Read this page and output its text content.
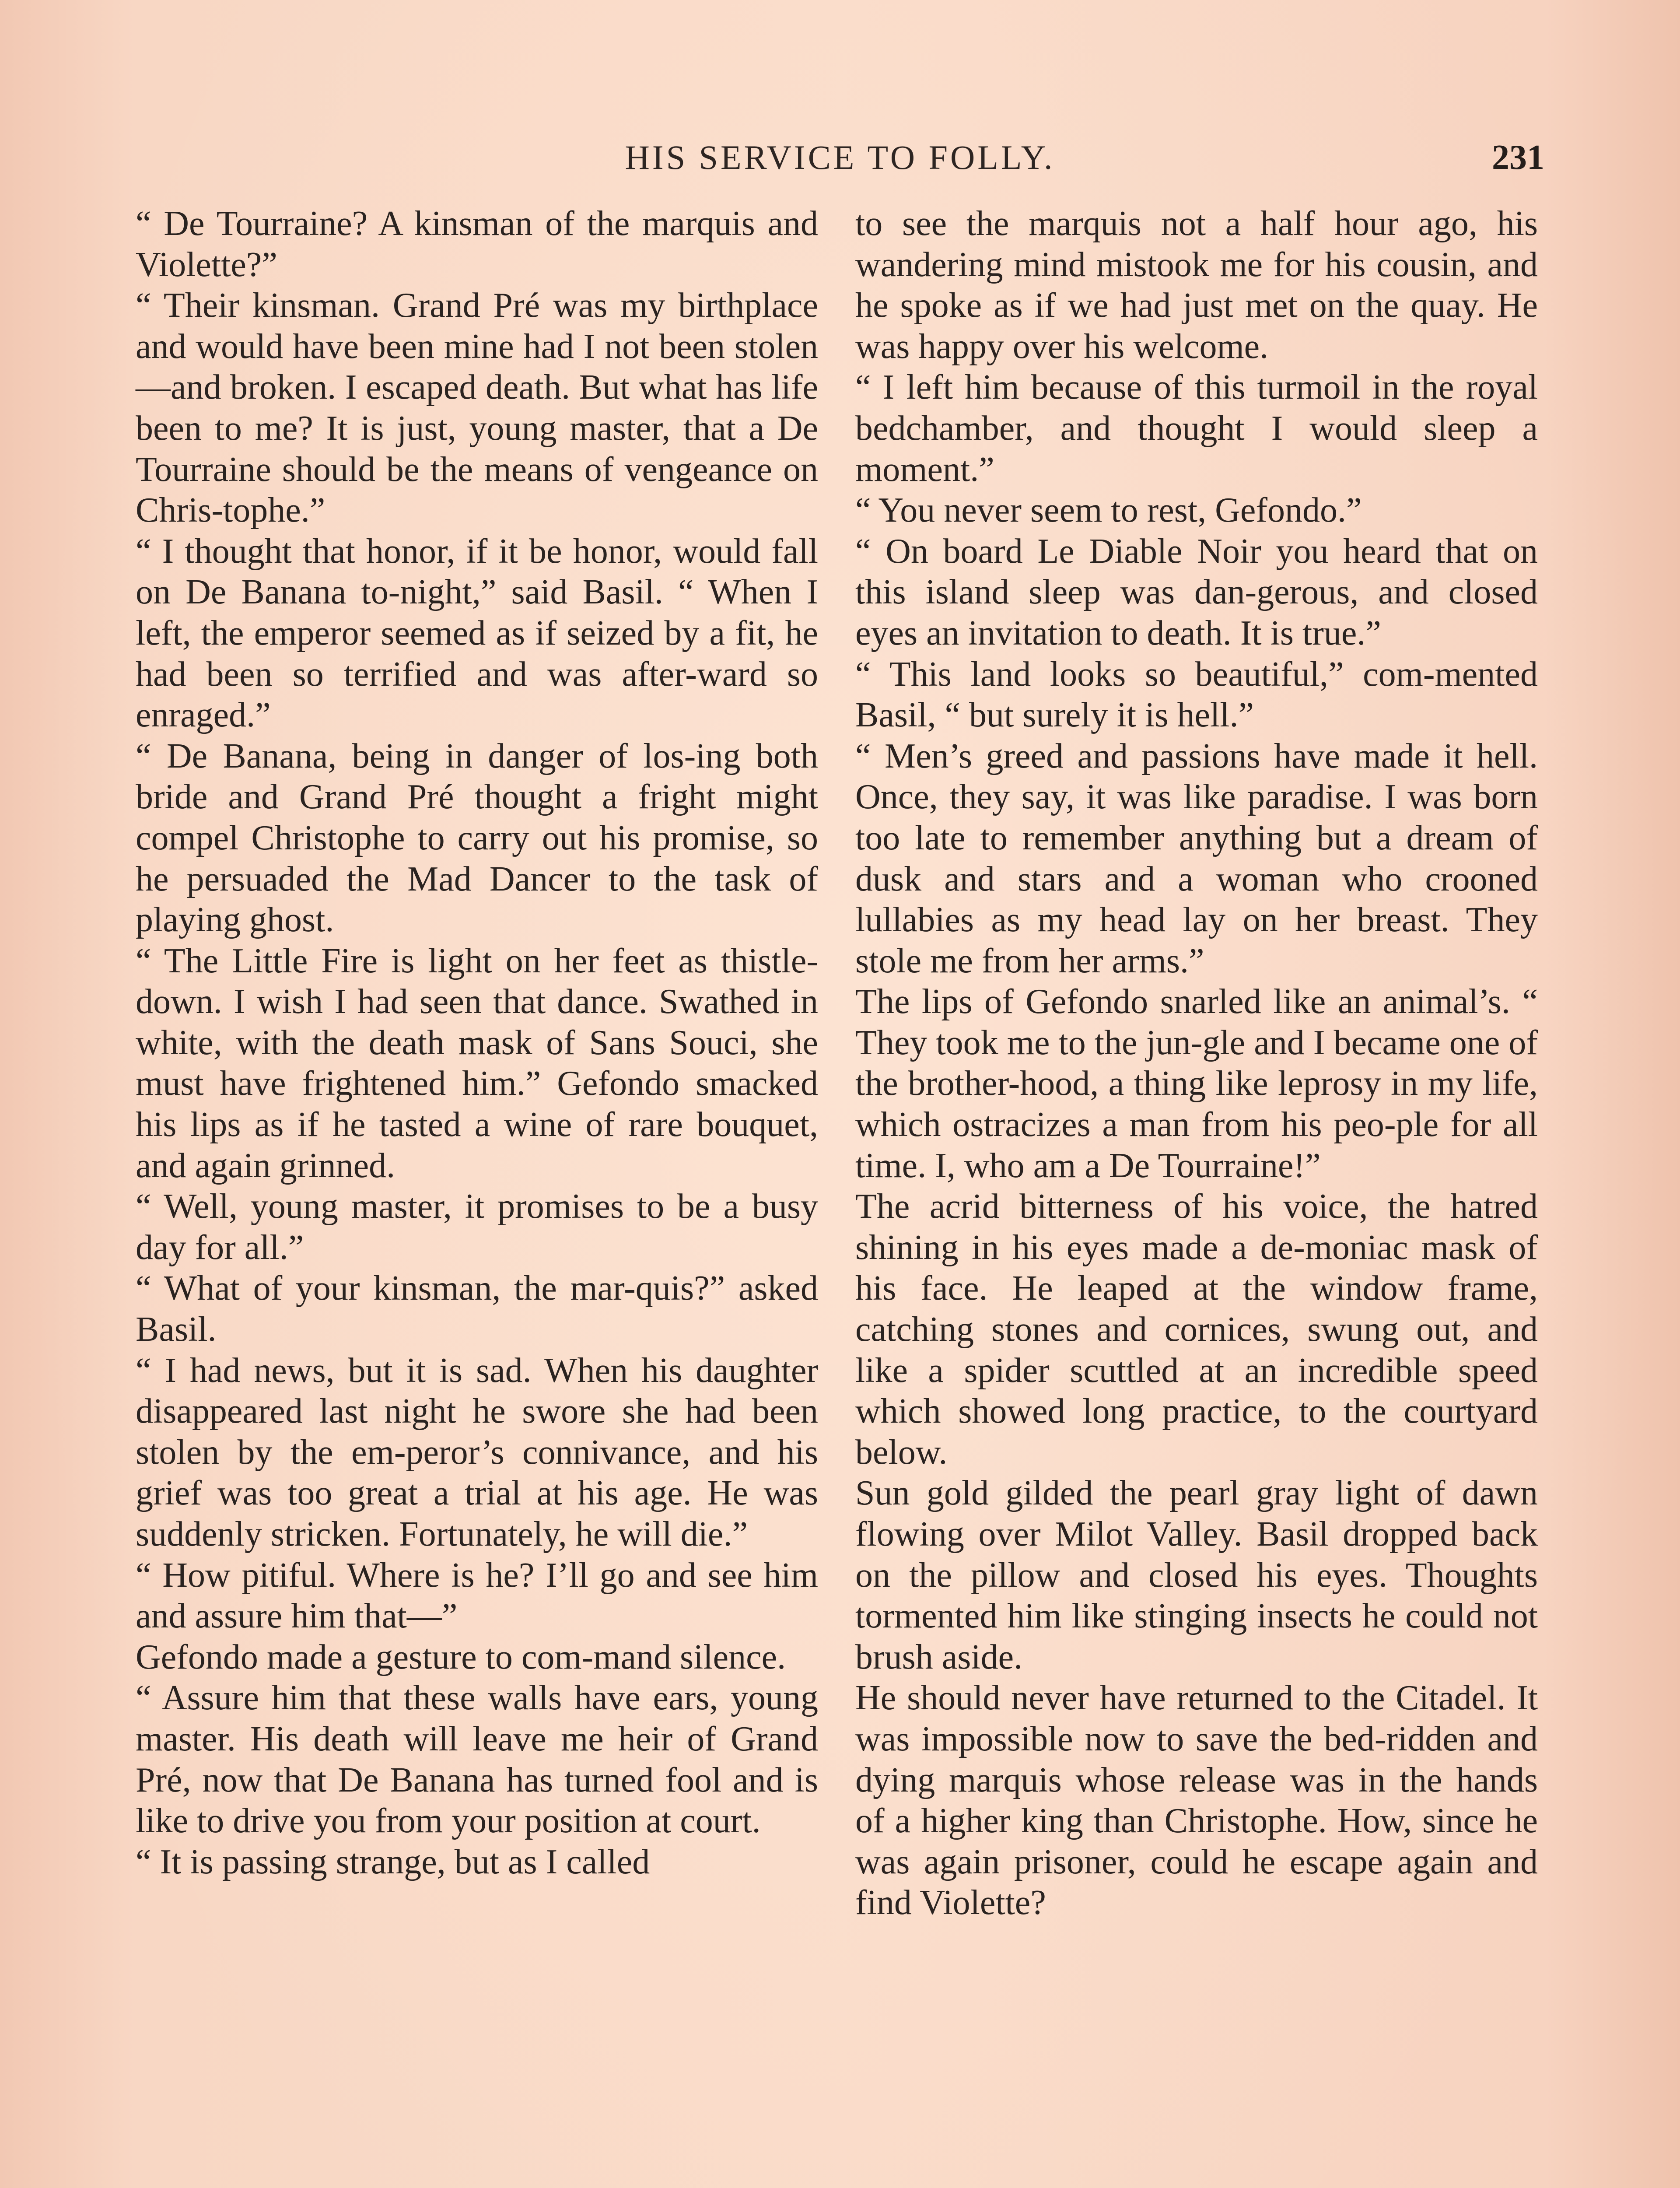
HIS SERVICE TO FOLLY.	231

“ De Tourraine? A kinsman of the marquis and Violette?”

“ Their kinsman. Grand Pré was my birthplace and would have been mine had I not been stolen—and broken. I escaped death. But what has life been to me? It is just, young master, that a De Tourraine should be the means of vengeance on Chris-tophe.”

“ I thought that honor, if it be honor, would fall on De Banana to-night,” said Basil. “ When I left, the emperor seemed as if seized by a fit, he had been so terrified and was after-ward so enraged.”

“ De Banana, being in danger of los-ing both bride and Grand Pré thought a fright might compel Christophe to carry out his promise, so he persuaded the Mad Dancer to the task of playing ghost.

“ The Little Fire is light on her feet as thistle-down. I wish I had seen that dance. Swathed in white, with the death mask of Sans Souci, she must have frightened him.” Gefondo smacked his lips as if he tasted a wine of rare bouquet, and again grinned.

“ Well, young master, it promises to be a busy day for all.”

“ What of your kinsman, the mar-quis?” asked Basil.

“ I had news, but it is sad. When his daughter disappeared last night he swore she had been stolen by the em-peror’s connivance, and his grief was too great a trial at his age. He was suddenly stricken. Fortunately, he will die.”

“ How pitiful. Where is he? I’ll go and see him and assure him that—”

Gefondo made a gesture to com-mand silence.

“ Assure him that these walls have ears, young master. His death will leave me heir of Grand Pré, now that De Banana has turned fool and is like to drive you from your position at court.

“ It is passing strange, but as I called

to see the marquis not a half hour ago, his wandering mind mistook me for his cousin, and he spoke as if we had just met on the quay. He was happy over his welcome.

“ I left him because of this turmoil in the royal bedchamber, and thought I would sleep a moment.”

“ You never seem to rest, Gefondo.”

“ On board Le Diable Noir you heard that on this island sleep was dan-gerous, and closed eyes an invitation to death. It is true.”

“ This land looks so beautiful,” com-mented Basil, “ but surely it is hell.”

“ Men’s greed and passions have made it hell. Once, they say, it was like paradise. I was born too late to remember anything but a dream of dusk and stars and a woman who crooned lullabies as my head lay on her breast. They stole me from her arms.”

The lips of Gefondo snarled like an animal’s. “ They took me to the jun-gle and I became one of the brother-hood, a thing like leprosy in my life, which ostracizes a man from his peo-ple for all time. I, who am a De Tourraine!”

The acrid bitterness of his voice, the hatred shining in his eyes made a de-moniac mask of his face. He leaped at the window frame, catching stones and cornices, swung out, and like a spider scuttled at an incredible speed which showed long practice, to the courtyard below.

Sun gold gilded the pearl gray light of dawn flowing over Milot Valley. Basil dropped back on the pillow and closed his eyes. Thoughts tormented him like stinging insects he could not brush aside.

He should never have returned to the Citadel. It was impossible now to save the bed-ridden and dying marquis whose release was in the hands of a higher king than Christophe. How, since he was again prisoner, could he escape again and find Violette?
